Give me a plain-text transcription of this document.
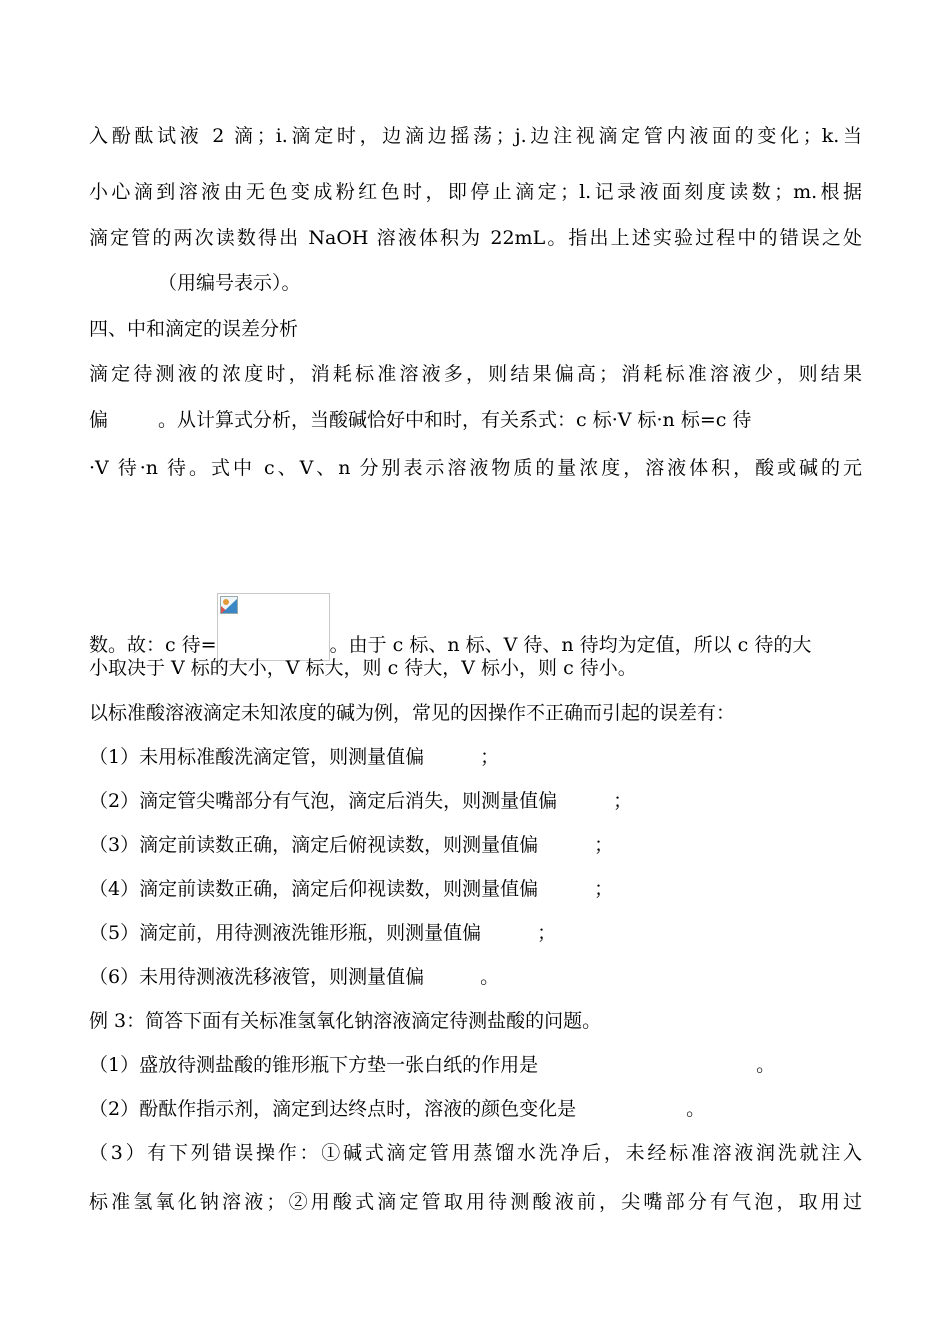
入酚酞试液 2 滴；i.滴定时，边滴边摇荡；j.边注视滴定管内液面的变化；k.当
小心滴到溶液由无色变成粉红色时，即停止滴定；l.记录液面刻度读数；m.根据
滴定管的两次读数得出 NaOH 溶液体积为 22mL。指出上述实验过程中的错误之处
（用编号表示）。
四、中和滴定的误差分析
滴定待测液的浓度时，消耗标准溶液多，则结果偏高；消耗标准溶液少，则结果
偏	。从计算式分析，当酸碱恰好中和时，有关系式：c 标·V 标·n 标=c 待
·V 待·n 待。式中 c、V、n 分别表示溶液物质的量浓度，溶液体积，酸或碱的元
数。故：c 待=	。由于 c 标、n 标、V 待、n 待均为定值，所以 c 待的大
小取决于 V 标的大小，V 标大，则 c 待大，V 标小，则 c 待小。
以标准酸溶液滴定未知浓度的碱为例，常见的因操作不正确而引起的误差有：
（1）未用标准酸洗滴定管，则测量值偏	；
（2）滴定管尖嘴部分有气泡，滴定后消失，则测量值偏	；
（3）滴定前读数正确，滴定后俯视读数，则测量值偏	；
（4）滴定前读数正确，滴定后仰视读数，则测量值偏	；
（5）滴定前，用待测液洗锥形瓶，则测量值偏	；
（6）未用待测液洗移液管，则测量值偏	。
例 3：简答下面有关标准氢氧化钠溶液滴定待测盐酸的问题。
（1）盛放待测盐酸的锥形瓶下方垫一张白纸的作用是	。
（2）酚酞作指示剂，滴定到达终点时，溶液的颜色变化是	。
（3）有下列错误操作：①碱式滴定管用蒸馏水洗净后，未经标准溶液润洗就注入
标准氢氧化钠溶液；②用酸式滴定管取用待测酸液前，尖嘴部分有气泡，取用过
